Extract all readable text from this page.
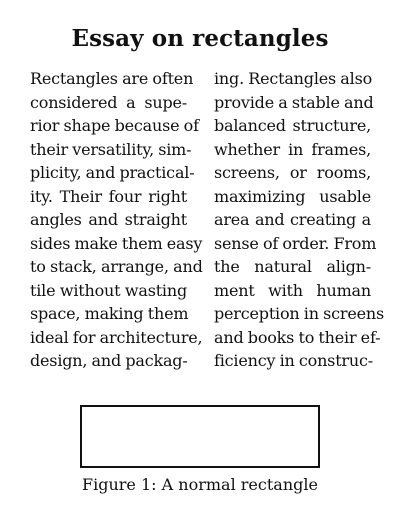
Essay on rectangles
Rectangles are often
considered a supe-
rior shape because of
their versatility, sim-
plicity, and practical-
ity. Their four right
angles and straight
sides make them easy
to stack, arrange, and
tile without wasting
space, making them
ideal for architecture,
design, and packag-
ing. Rectangles also
provide a stable and
balanced structure,
whether in frames,
screens, or rooms,
maximizing usable
area and creating a
sense of order. From
the natural align-
ment with human
perception in screens
and books to their ef-
ficiency in construc-
Figure 1: A normal rectangle
